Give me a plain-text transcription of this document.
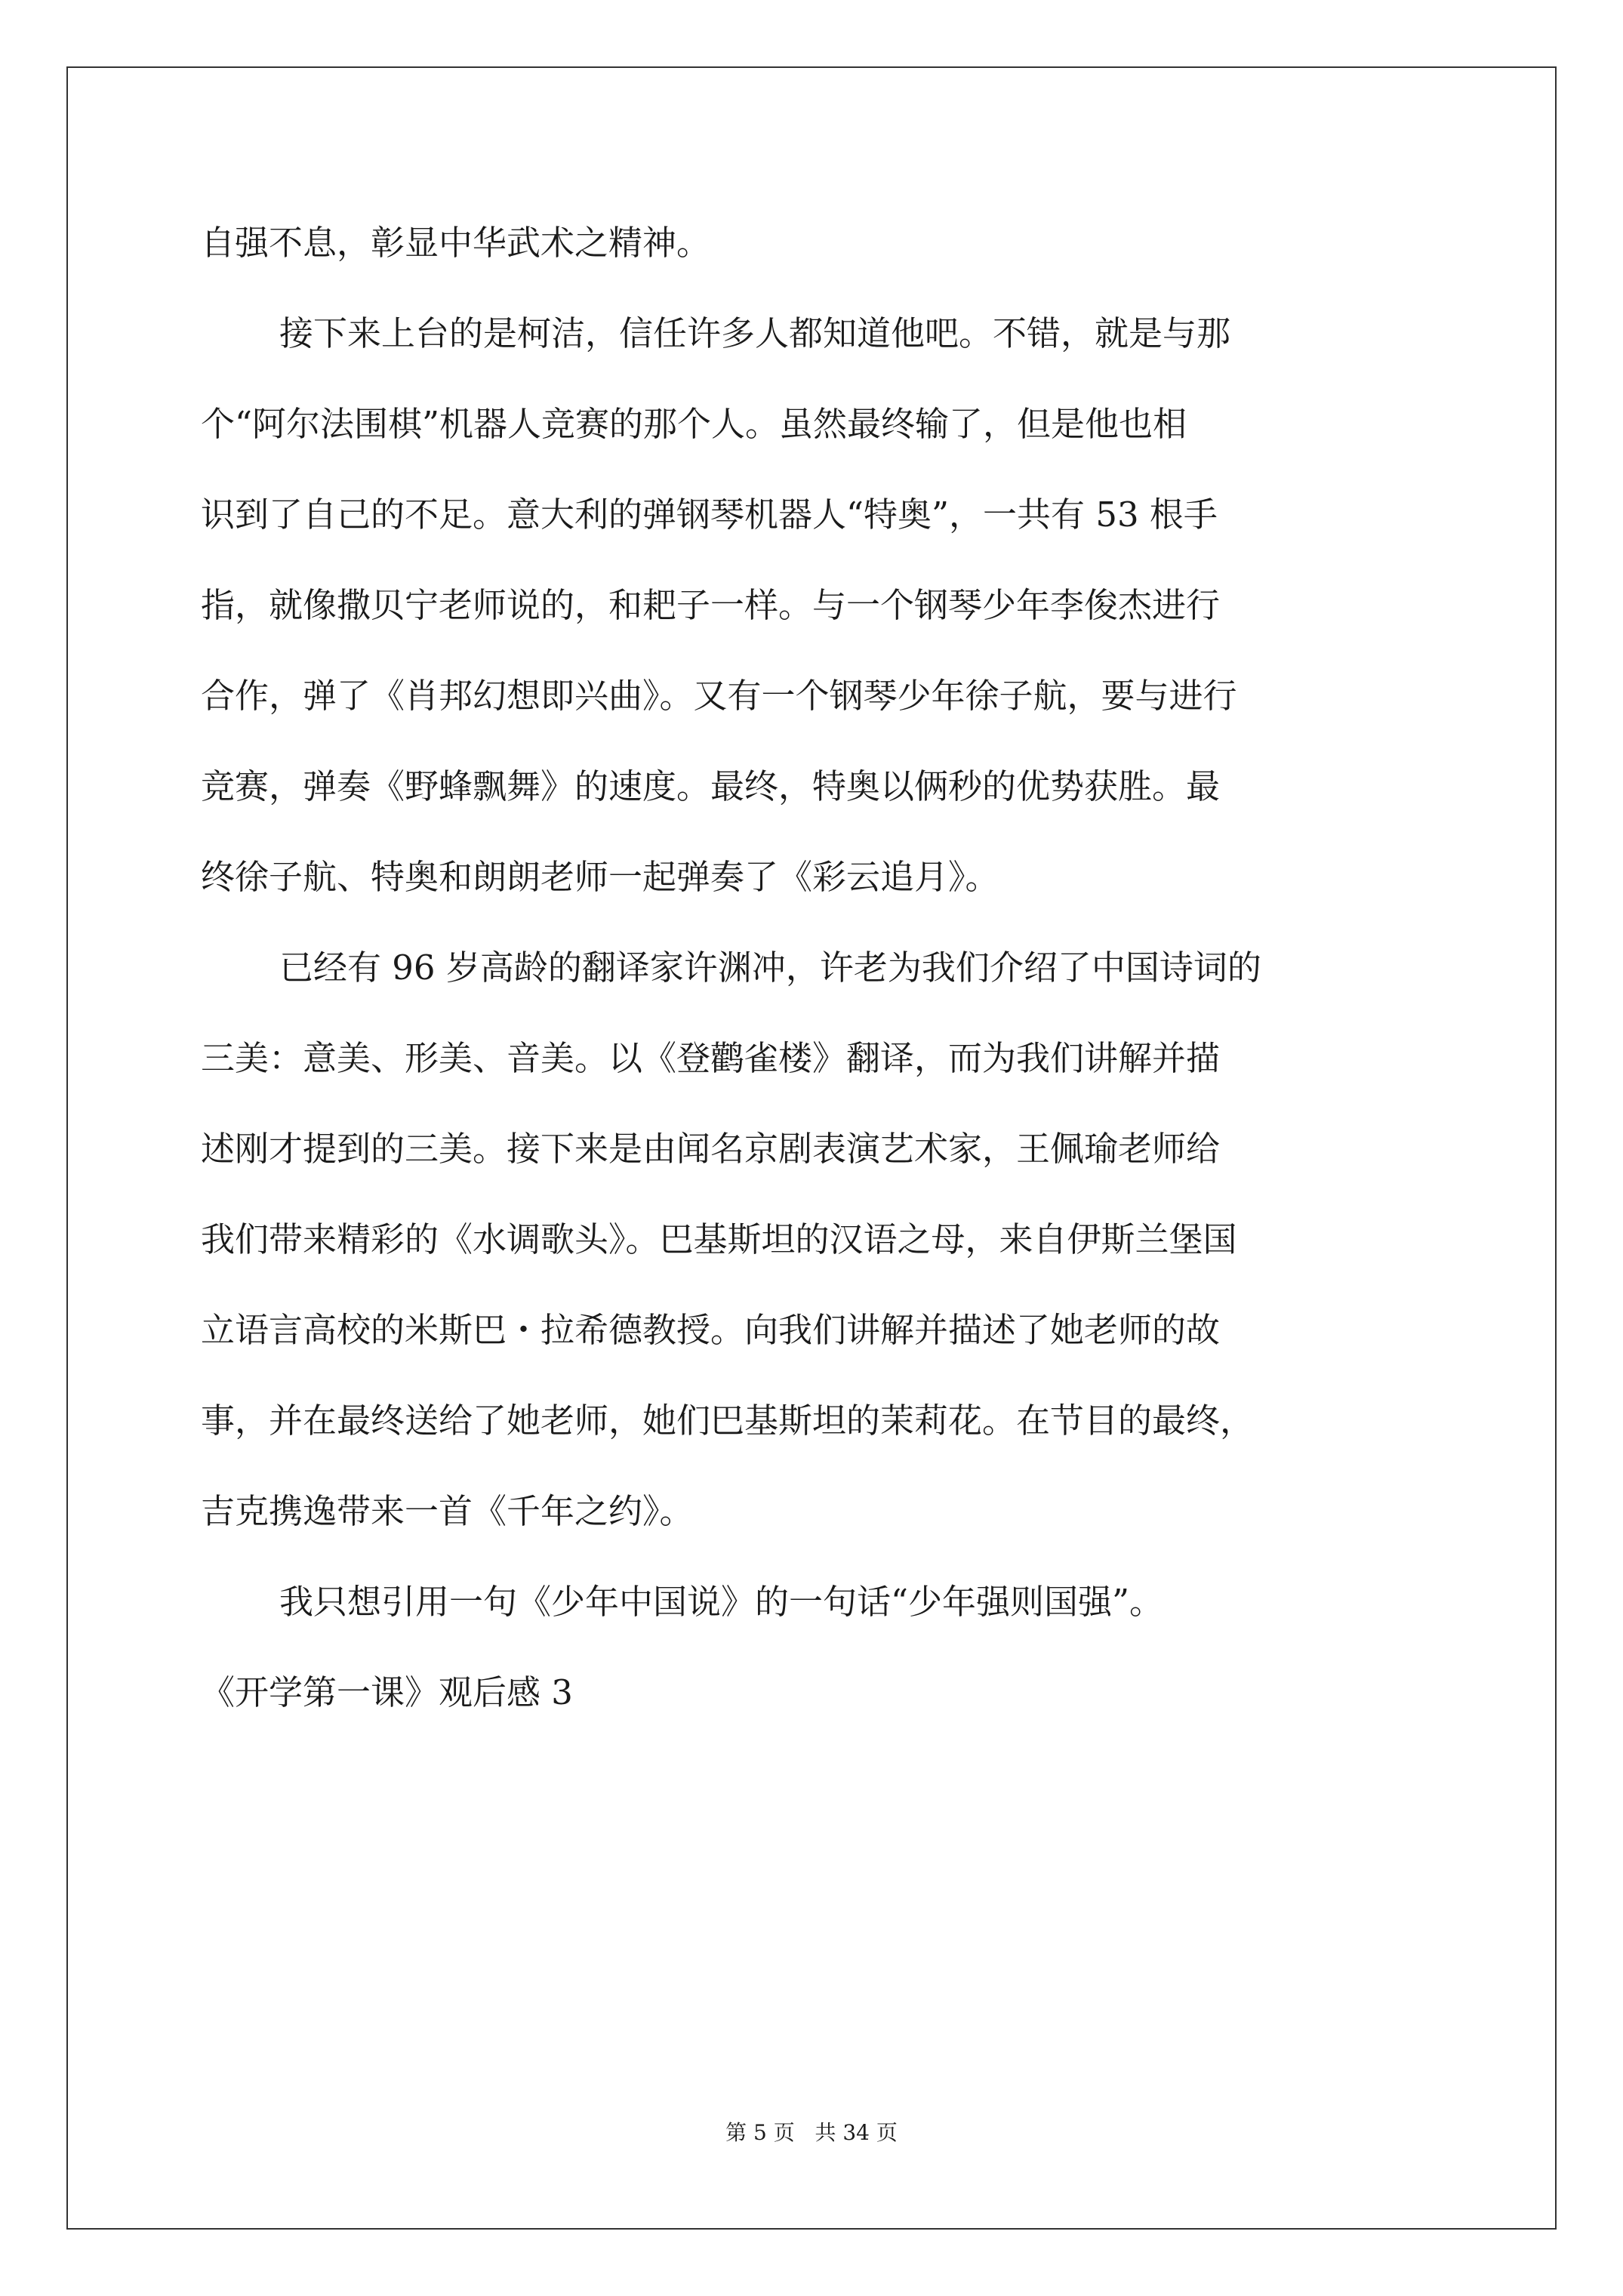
自强不息，彰显中华武术之精神。
接下来上台的是柯洁，信任许多人都知道他吧。不错，就是与那
个“阿尔法围棋”机器人竞赛的那个人。虽然最终输了，但是他也相
识到了自己的不足。意大利的弹钢琴机器人“特奥”，一共有 53 根手
指，就像撒贝宁老师说的，和耙子一样。与一个钢琴少年李俊杰进行
合作，弹了《肖邦幻想即兴曲》。又有一个钢琴少年徐子航，要与进行
竞赛，弹奏《野蜂飘舞》的速度。最终，特奥以俩秒的优势获胜。最
终徐子航、特奥和朗朗老师一起弹奏了《彩云追月》。
已经有 96 岁高龄的翻译家许渊冲，许老为我们介绍了中国诗词的
三美：意美、形美、音美。以《登鹳雀楼》翻译，而为我们讲解并描
述刚才提到的三美。接下来是由闻名京剧表演艺术家，王佩瑜老师给
我们带来精彩的《水调歌头》。巴基斯坦的汉语之母，来自伊斯兰堡国
立语言高校的米斯巴・拉希德教授。向我们讲解并描述了她老师的故
事，并在最终送给了她老师，她们巴基斯坦的茉莉花。在节目的最终，
吉克携逸带来一首《千年之约》。
我只想引用一句《少年中国说》的一句话“少年强则国强”。
《开学第一课》观后感 3
第 5 页   共 34 页
